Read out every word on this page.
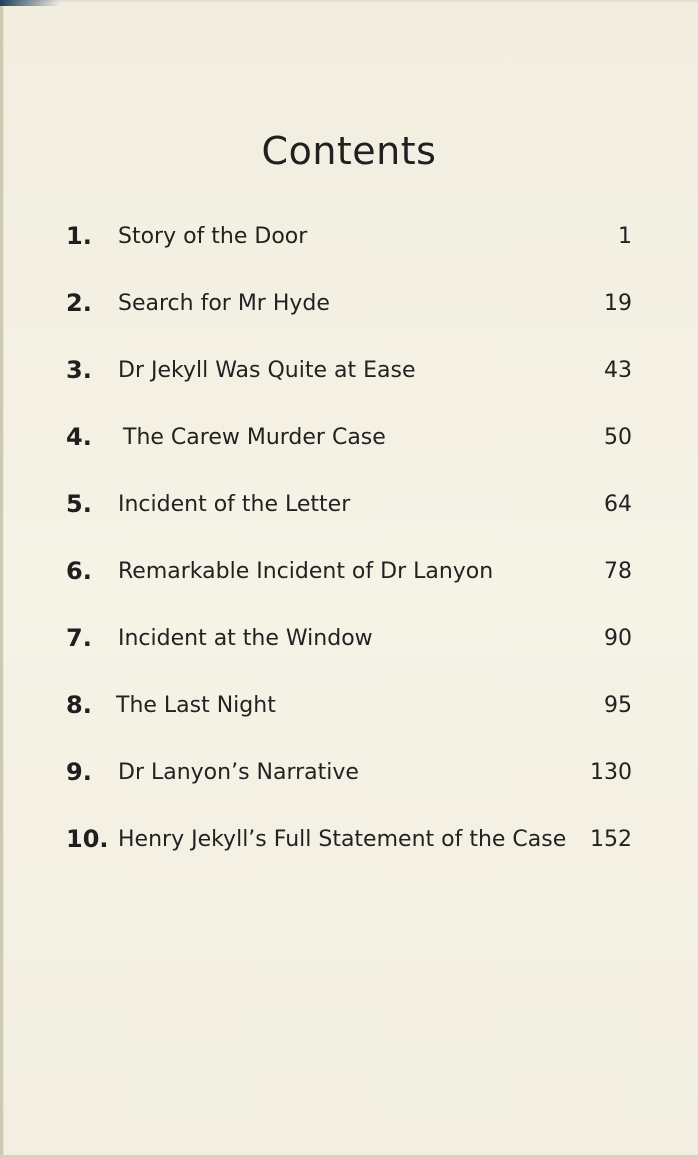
Contents
1. Story of the Door	1
2. Search for Mr Hyde	19
3. Dr Jekyll Was Quite at Ease	43
4. The Carew Murder Case	50
5. Incident of the Letter	64
6. Remarkable Incident of Dr Lanyon	78
7. Incident at the Window	90
8. The Last Night	95
9. Dr Lanyon’s Narrative	130
10. Henry Jekyll’s Full Statement of the Case 152
